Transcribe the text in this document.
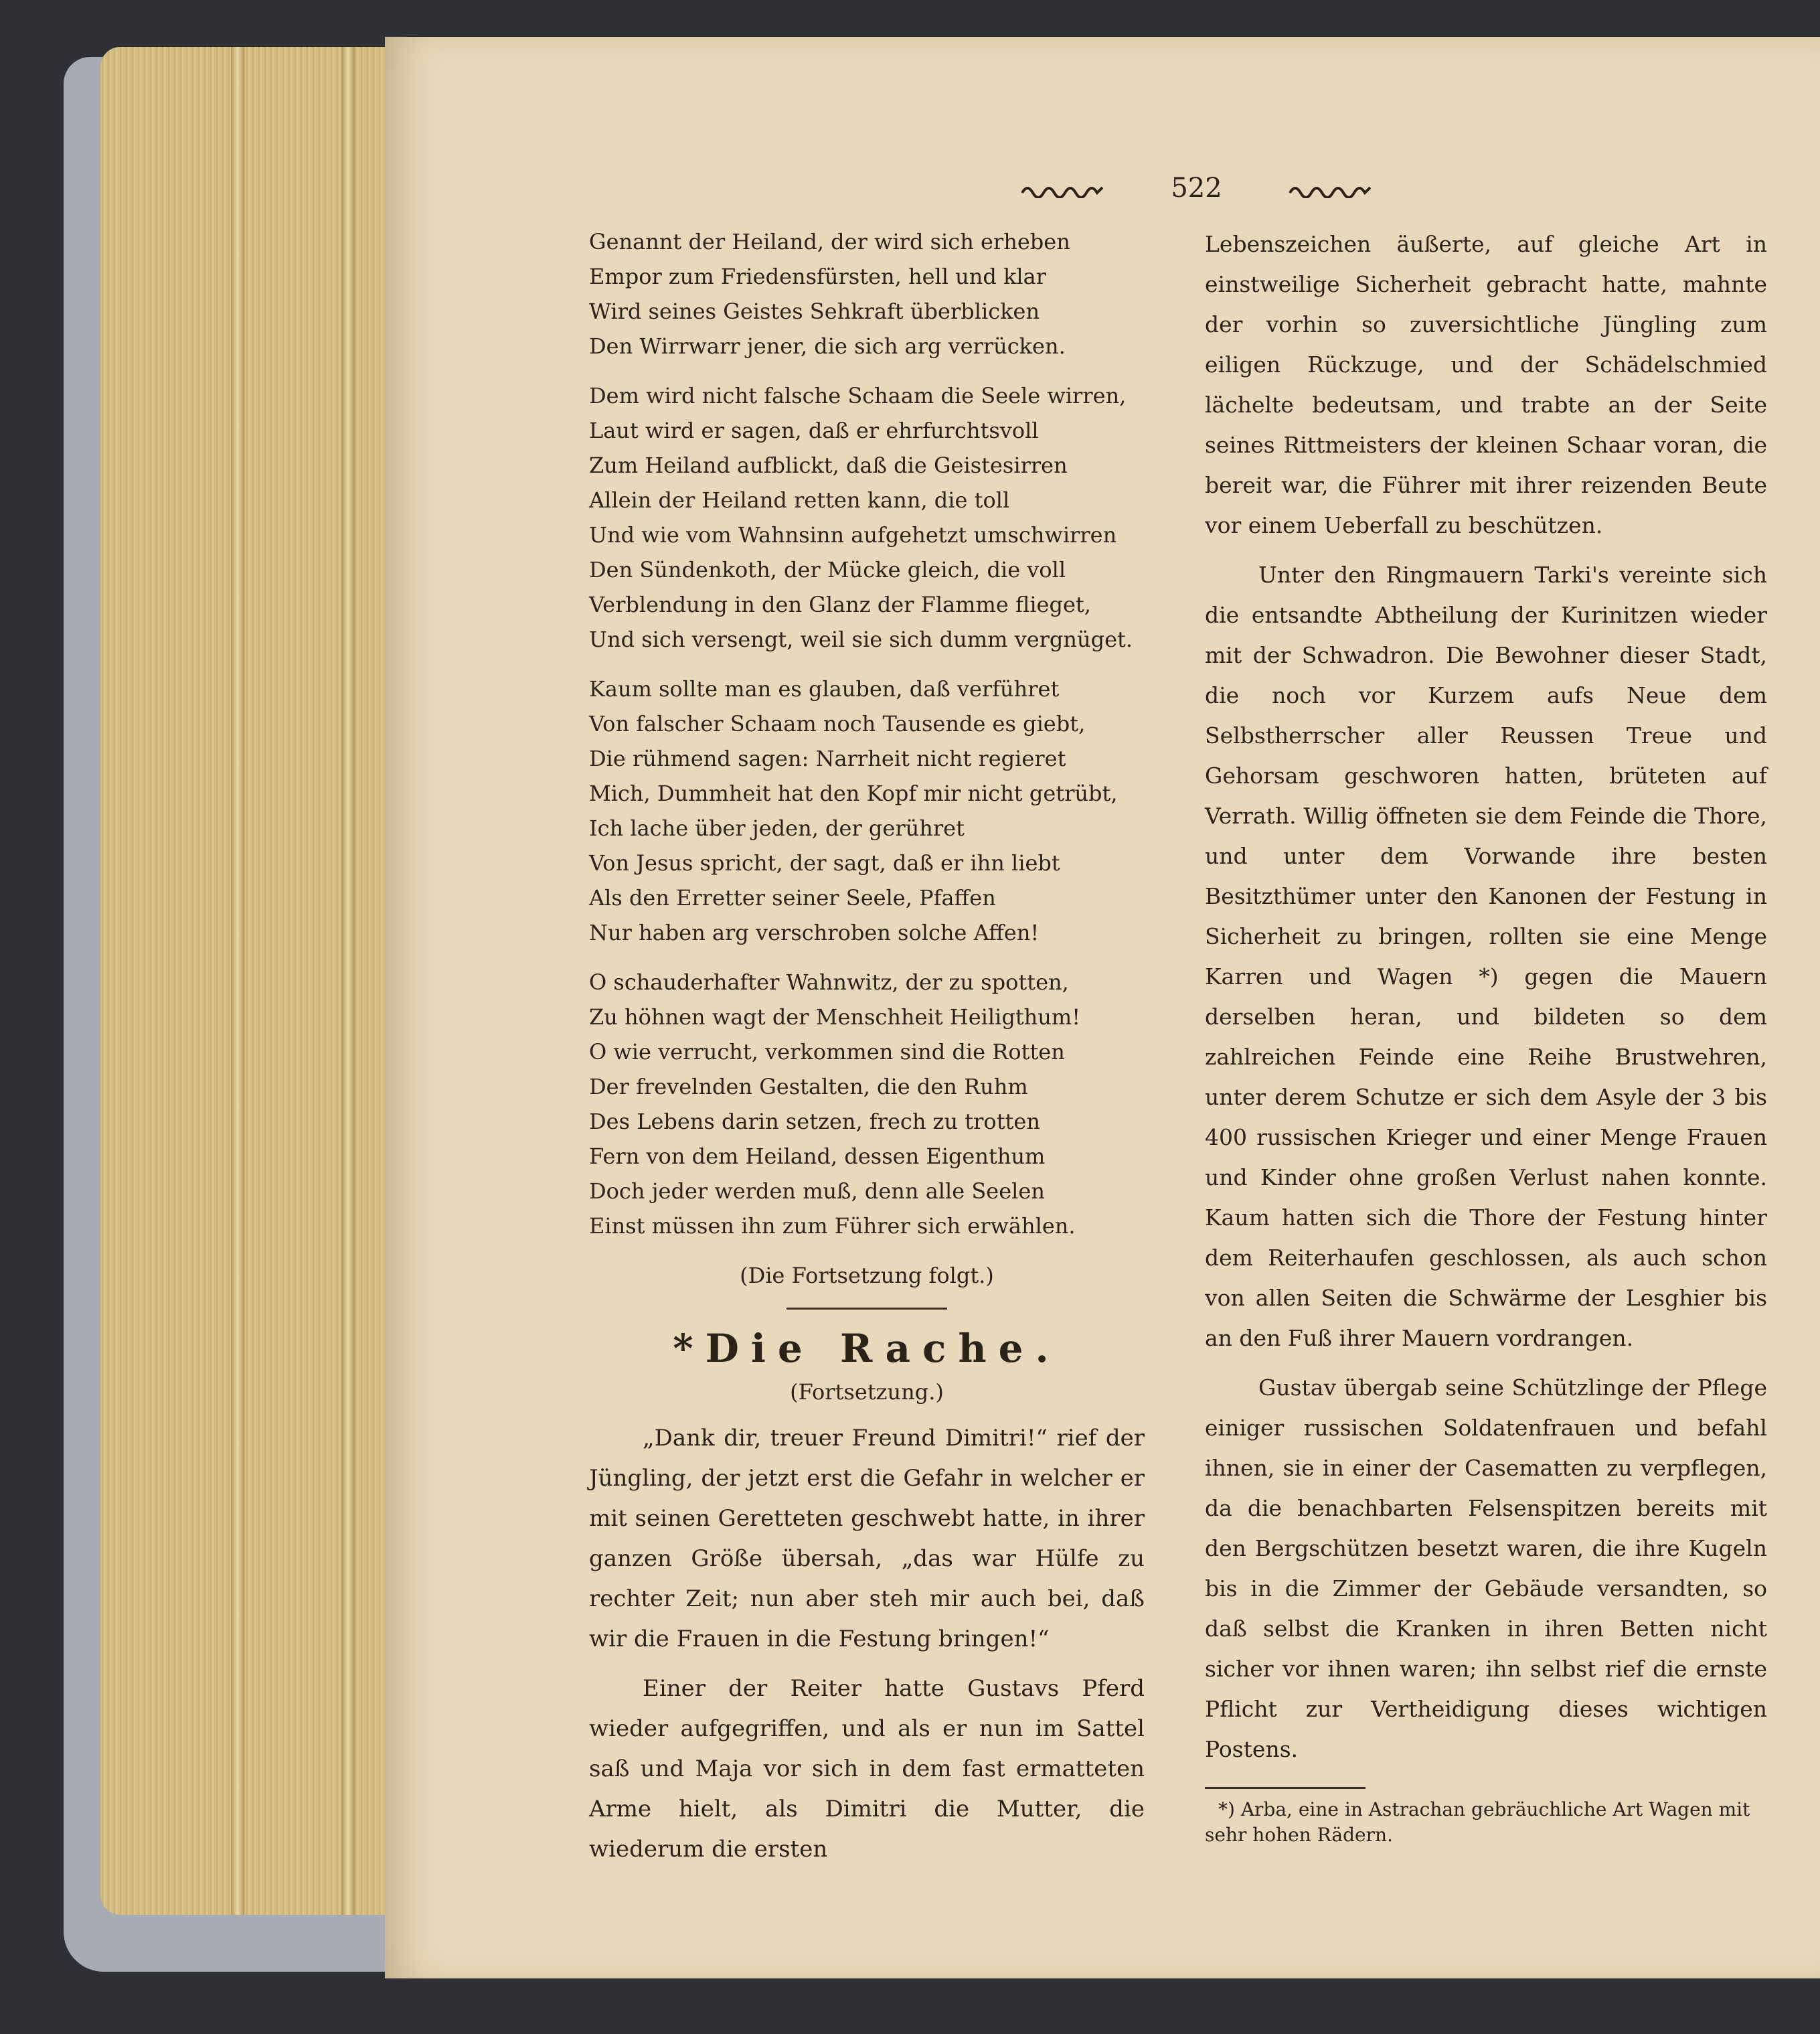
522
Genannt der Heiland, der wird sich erheben
Empor zum Friedensfürsten, hell und klar
Wird seines Geistes Sehkraft überblicken
Den Wirrwarr jener, die sich arg verrücken.
Dem wird nicht falsche Schaam die Seele wirren,
Laut wird er sagen, daß er ehrfurchtsvoll
Zum Heiland aufblickt, daß die Geistesirren
Allein der Heiland retten kann, die toll
Und wie vom Wahnsinn aufgehetzt umschwirren
Den Sündenkoth, der Mücke gleich, die voll
Verblendung in den Glanz der Flamme flieget,
Und sich versengt, weil sie sich dumm vergnüget.
Kaum sollte man es glauben, daß verführet
Von falscher Schaam noch Tausende es giebt,
Die rühmend sagen: Narrheit nicht regieret
Mich, Dummheit hat den Kopf mir nicht getrübt,
Ich lache über jeden, der gerühret
Von Jesus spricht, der sagt, daß er ihn liebt
Als den Erretter seiner Seele, Pfaffen
Nur haben arg verschroben solche Affen!
O schauderhafter Wahnwitz, der zu spotten,
Zu höhnen wagt der Menschheit Heiligthum!
O wie verrucht, verkommen sind die Rotten
Der frevelnden Gestalten, die den Ruhm
Des Lebens darin setzen, frech zu trotten
Fern von dem Heiland, dessen Eigenthum
Doch jeder werden muß, denn alle Seelen
Einst müssen ihn zum Führer sich erwählen.
(Die Fortsetzung folgt.)
*Die Rache.
(Fortsetzung.)

„Dank dir, treuer Freund Dimitri!“ rief der Jüngling, der jetzt erst die Gefahr in welcher er mit seinen Geretteten geschwebt hatte, in ihrer ganzen Größe übersah, „das war Hülfe zu rechter Zeit; nun aber steh mir auch bei, daß wir die Frauen in die Festung bringen!“

Einer der Reiter hatte Gustavs Pferd wieder aufgegriffen, und als er nun im Sattel saß und Maja vor sich in dem fast ermatteten Arme hielt, als Dimitri die Mutter, die wiederum die ersten

Lebenszeichen äußerte, auf gleiche Art in einstweilige Sicherheit gebracht hatte, mahnte der vorhin so zuversichtliche Jüngling zum eiligen Rückzuge, und der Schädelschmied lächelte bedeutsam, und trabte an der Seite seines Rittmeisters der kleinen Schaar voran, die bereit war, die Führer mit ihrer reizenden Beute vor einem Ueberfall zu beschützen.

Unter den Ringmauern Tarki's vereinte sich die entsandte Abtheilung der Kurinitzen wieder mit der Schwadron. Die Bewohner dieser Stadt, die noch vor Kurzem aufs Neue dem Selbstherrscher aller Reussen Treue und Gehorsam geschworen hatten, brüteten auf Verrath. Willig öffneten sie dem Feinde die Thore, und unter dem Vorwande ihre besten Besitzthümer unter den Kanonen der Festung in Sicherheit zu bringen, rollten sie eine Menge Karren und Wagen *) gegen die Mauern derselben heran, und bildeten so dem zahlreichen Feinde eine Reihe Brustwehren, unter derem Schutze er sich dem Asyle der 3 bis 400 russischen Krieger und einer Menge Frauen und Kinder ohne großen Verlust nahen konnte. Kaum hatten sich die Thore der Festung hinter dem Reiterhaufen geschlossen, als auch schon von allen Seiten die Schwärme der Lesghier bis an den Fuß ihrer Mauern vordrangen.

Gustav übergab seine Schützlinge der Pflege einiger russischen Soldatenfrauen und befahl ihnen, sie in einer der Casematten zu verpflegen, da die benachbarten Felsenspitzen bereits mit den Bergschützen besetzt waren, die ihre Kugeln bis in die Zimmer der Gebäude versandten, so daß selbst die Kranken in ihren Betten nicht sicher vor ihnen waren; ihn selbst rief die ernste Pflicht zur Vertheidigung dieses wichtigen Postens.

*) Arba, eine in Astrachan gebräuchliche Art Wagen mit sehr hohen Rädern.
